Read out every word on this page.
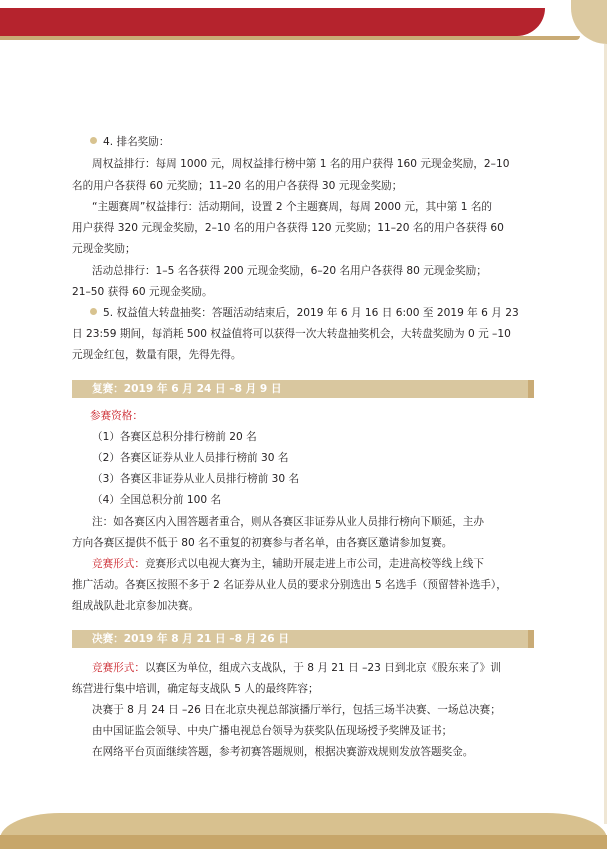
4. 排名奖励：
周权益排行：每周 1000 元，周权益排行榜中第 1 名的用户获得 160 元现金奖励，2–10
名的用户各获得 60 元奖励；11–20 名的用户各获得 30 元现金奖励；
“主题赛周”权益排行：活动期间，设置 2 个主题赛周，每周 2000 元，其中第 1 名的
用户获得 320 元现金奖励，2–10 名的用户各获得 120 元奖励；11–20 名的用户各获得 60
元现金奖励；
活动总排行：1–5 名各获得 200 元现金奖励，6–20 名用户各获得 80 元现金奖励；
21–50 获得 60 元现金奖励。
5. 权益值大转盘抽奖：答题活动结束后，2019 年 6 月 16 日 6:00 至 2019 年 6 月 23
日 23:59 期间，每消耗 500 权益值将可以获得一次大转盘抽奖机会，大转盘奖励为 0 元 –10
元现金红包，数量有限，先得先得。
复赛：2019 年 6 月 24 日 –8 月 9 日
参赛资格：
（1）各赛区总积分排行榜前 20 名
（2）各赛区证券从业人员排行榜前 30 名
（3）各赛区非证券从业人员排行榜前 30 名
（4）全国总积分前 100 名
注：如各赛区内入围答题者重合，则从各赛区非证券从业人员排行榜向下顺延，主办
方向各赛区提供不低于 80 名不重复的初赛参与者名单，由各赛区邀请参加复赛。
竞赛形式：竞赛形式以电视大赛为主，辅助开展走进上市公司，走进高校等线上线下
推广活动。各赛区按照不多于 2 名证券从业人员的要求分别选出 5 名选手（预留替补选手），
组成战队赴北京参加决赛。
决赛：2019 年 8 月 21 日 –8 月 26 日
竞赛形式：以赛区为单位，组成六支战队，于 8 月 21 日 –23 日到北京《股东来了》训
练营进行集中培训，确定每支战队 5 人的最终阵容；
决赛于 8 月 24 日 –26 日在北京央视总部演播厅举行，包括三场半决赛、一场总决赛；
由中国证监会领导、中央广播电视总台领导为获奖队伍现场授予奖牌及证书；
在网络平台页面继续答题，参考初赛答题规则，根据决赛游戏规则发放答题奖金。
